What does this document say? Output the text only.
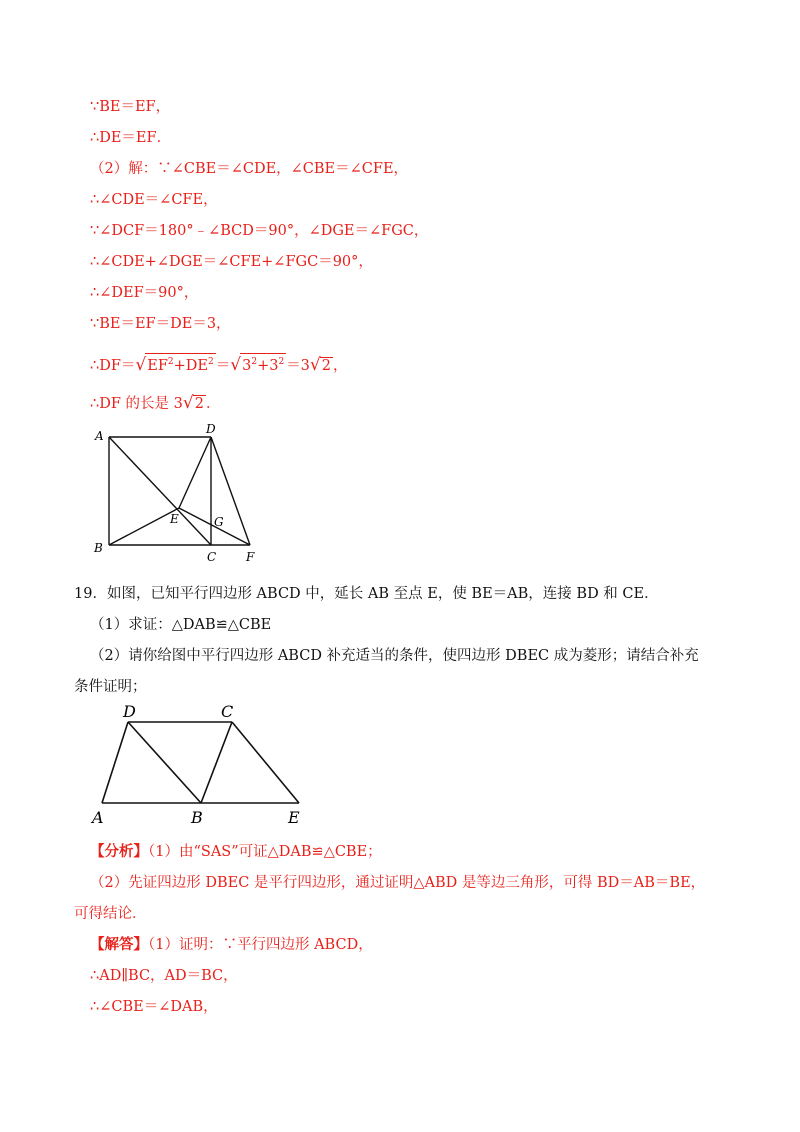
∵BE＝EF，
∴DE＝EF．
（2）解：∵∠CBE＝∠CDE，∠CBE＝∠CFE，
∴∠CDE＝∠CFE，
∵∠DCF＝180°﹣∠BCD＝90°，∠DGE＝∠FGC，
∴∠CDE+∠DGE＝∠CFE+∠FGC＝90°，
∴∠DEF＝90°，
∵BE＝EF＝DE＝3，
$\therefore DF=√EF^2+DE^2 =√3^2+3^2 =3√2$ ，
∴DF 的长是 3√2 ．
A	D
B
C F
E	G
19．如图，已知平行四边形 ABCD 中，延长 AB 至点 E，使 BE＝AB，连接 BD 和 CE．
（1）求证：△DAB≌△CBE
（2）请你给图中平行四边形 ABCD 补充适当的条件，使四边形 DBEC 成为菱形；请结合补充
条件证明；
D	C
A	B	E
【分析】（1）由“SAS”可证△DAB≌△CBE；
（2）先证四边形 DBEC 是平行四边形，通过证明△ABD 是等边三角形，可得 BD＝AB＝BE，
可得结论．
【解答】（1）证明：∵平行四边形 ABCD，
∴AD∥BC，AD＝BC，
∴∠CBE＝∠DAB，
